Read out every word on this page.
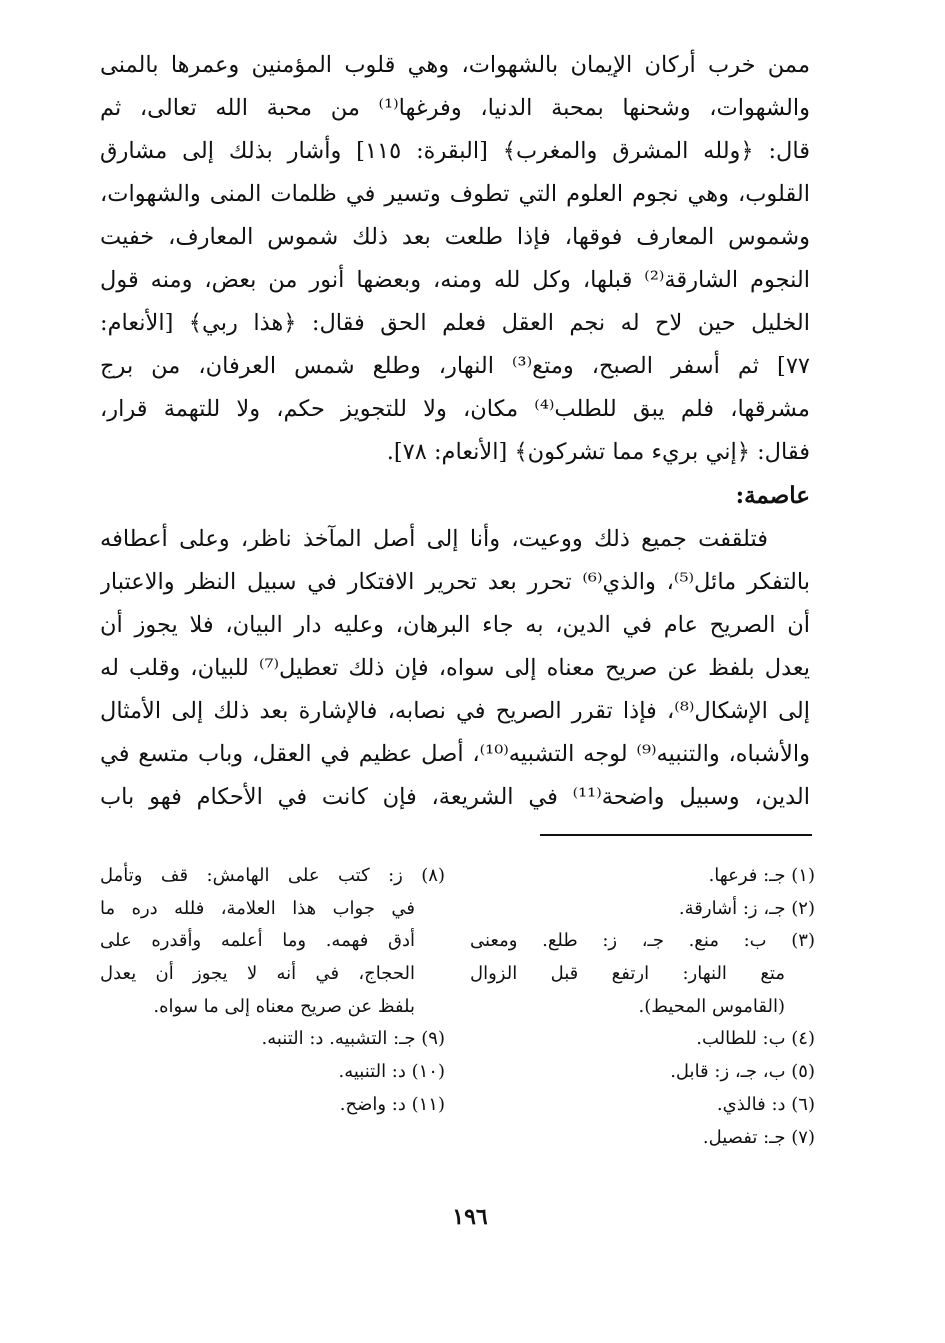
ممن خرب أركان الإيمان بالشهوات، وهي قلوب المؤمنين وعمرها بالمنى
والشهوات، وشحنها بمحبة الدنيا، وفرغها⁽¹⁾ من محبة الله تعالى، ثم
قال: ﴿ولله المشرق والمغرب﴾ [البقرة: ١١٥] وأشار بذلك إلى مشارق
القلوب، وهي نجوم العلوم التي تطوف وتسير في ظلمات المنى والشهوات،
وشموس المعارف فوقها، فإذا طلعت بعد ذلك شموس المعارف، خفيت
النجوم الشارقة⁽²⁾ قبلها، وكل لله ومنه، وبعضها أنور من بعض، ومنه قول
الخليل حين لاح له نجم العقل فعلم الحق فقال: ﴿هذا ربي﴾ [الأنعام:
٧٧] ثم أسفر الصبح، ومتع⁽³⁾ النهار، وطلع شمس العرفان، من برج
مشرقها، فلم يبق للطلب⁽⁴⁾ مكان، ولا للتجويز حكم، ولا للتهمة قرار،
فقال: ﴿إني بريء مما تشركون﴾ [الأنعام: ٧٨].
عاصمة:
فتلقفت جميع ذلك ووعيت، وأنا إلى أصل المآخذ ناظر، وعلى أعطافه
بالتفكر مائل⁽⁵⁾، والذي⁽⁶⁾ تحرر بعد تحرير الافتكار في سبيل النظر والاعتبار
أن الصريح عام في الدين، به جاء البرهان، وعليه دار البيان، فلا يجوز أن
يعدل بلفظ عن صريح معناه إلى سواه، فإن ذلك تعطيل⁽⁷⁾ للبيان، وقلب له
إلى الإشكال⁽⁸⁾، فإذا تقرر الصريح في نصابه، فالإشارة بعد ذلك إلى الأمثال
والأشباه، والتنبيه⁽⁹⁾ لوجه التشبيه⁽¹⁰⁾، أصل عظيم في العقل، وباب متسع في
الدين، وسبيل واضحة⁽¹¹⁾ في الشريعة، فإن كانت في الأحكام فهو باب
(١) جـ: فرعها.
(٢) جـ، ز: أشارقة.
(٣) ب: منع. جـ، ز: طلع. ومعنى
متع النهار: ارتفع قبل الزوال
(القاموس المحيط).
(٤) ب: للطالب.
(٥) ب، جـ، ز: قابل.
(٦) د: فالذي.
(٧) جـ: تفصيل.
(٨) ز: كتب على الهامش: قف وتأمل
في جواب هذا العلامة، فلله دره ما
أدق فهمه. وما أعلمه وأقدره على
الحجاج، في أنه لا يجوز أن يعدل
بلفظ عن صريح معناه إلى ما سواه.
(٩) جـ: التشبيه. د: التنبه.
(١٠) د: التنبيه.
(١١) د: واضح.
١٩٦
